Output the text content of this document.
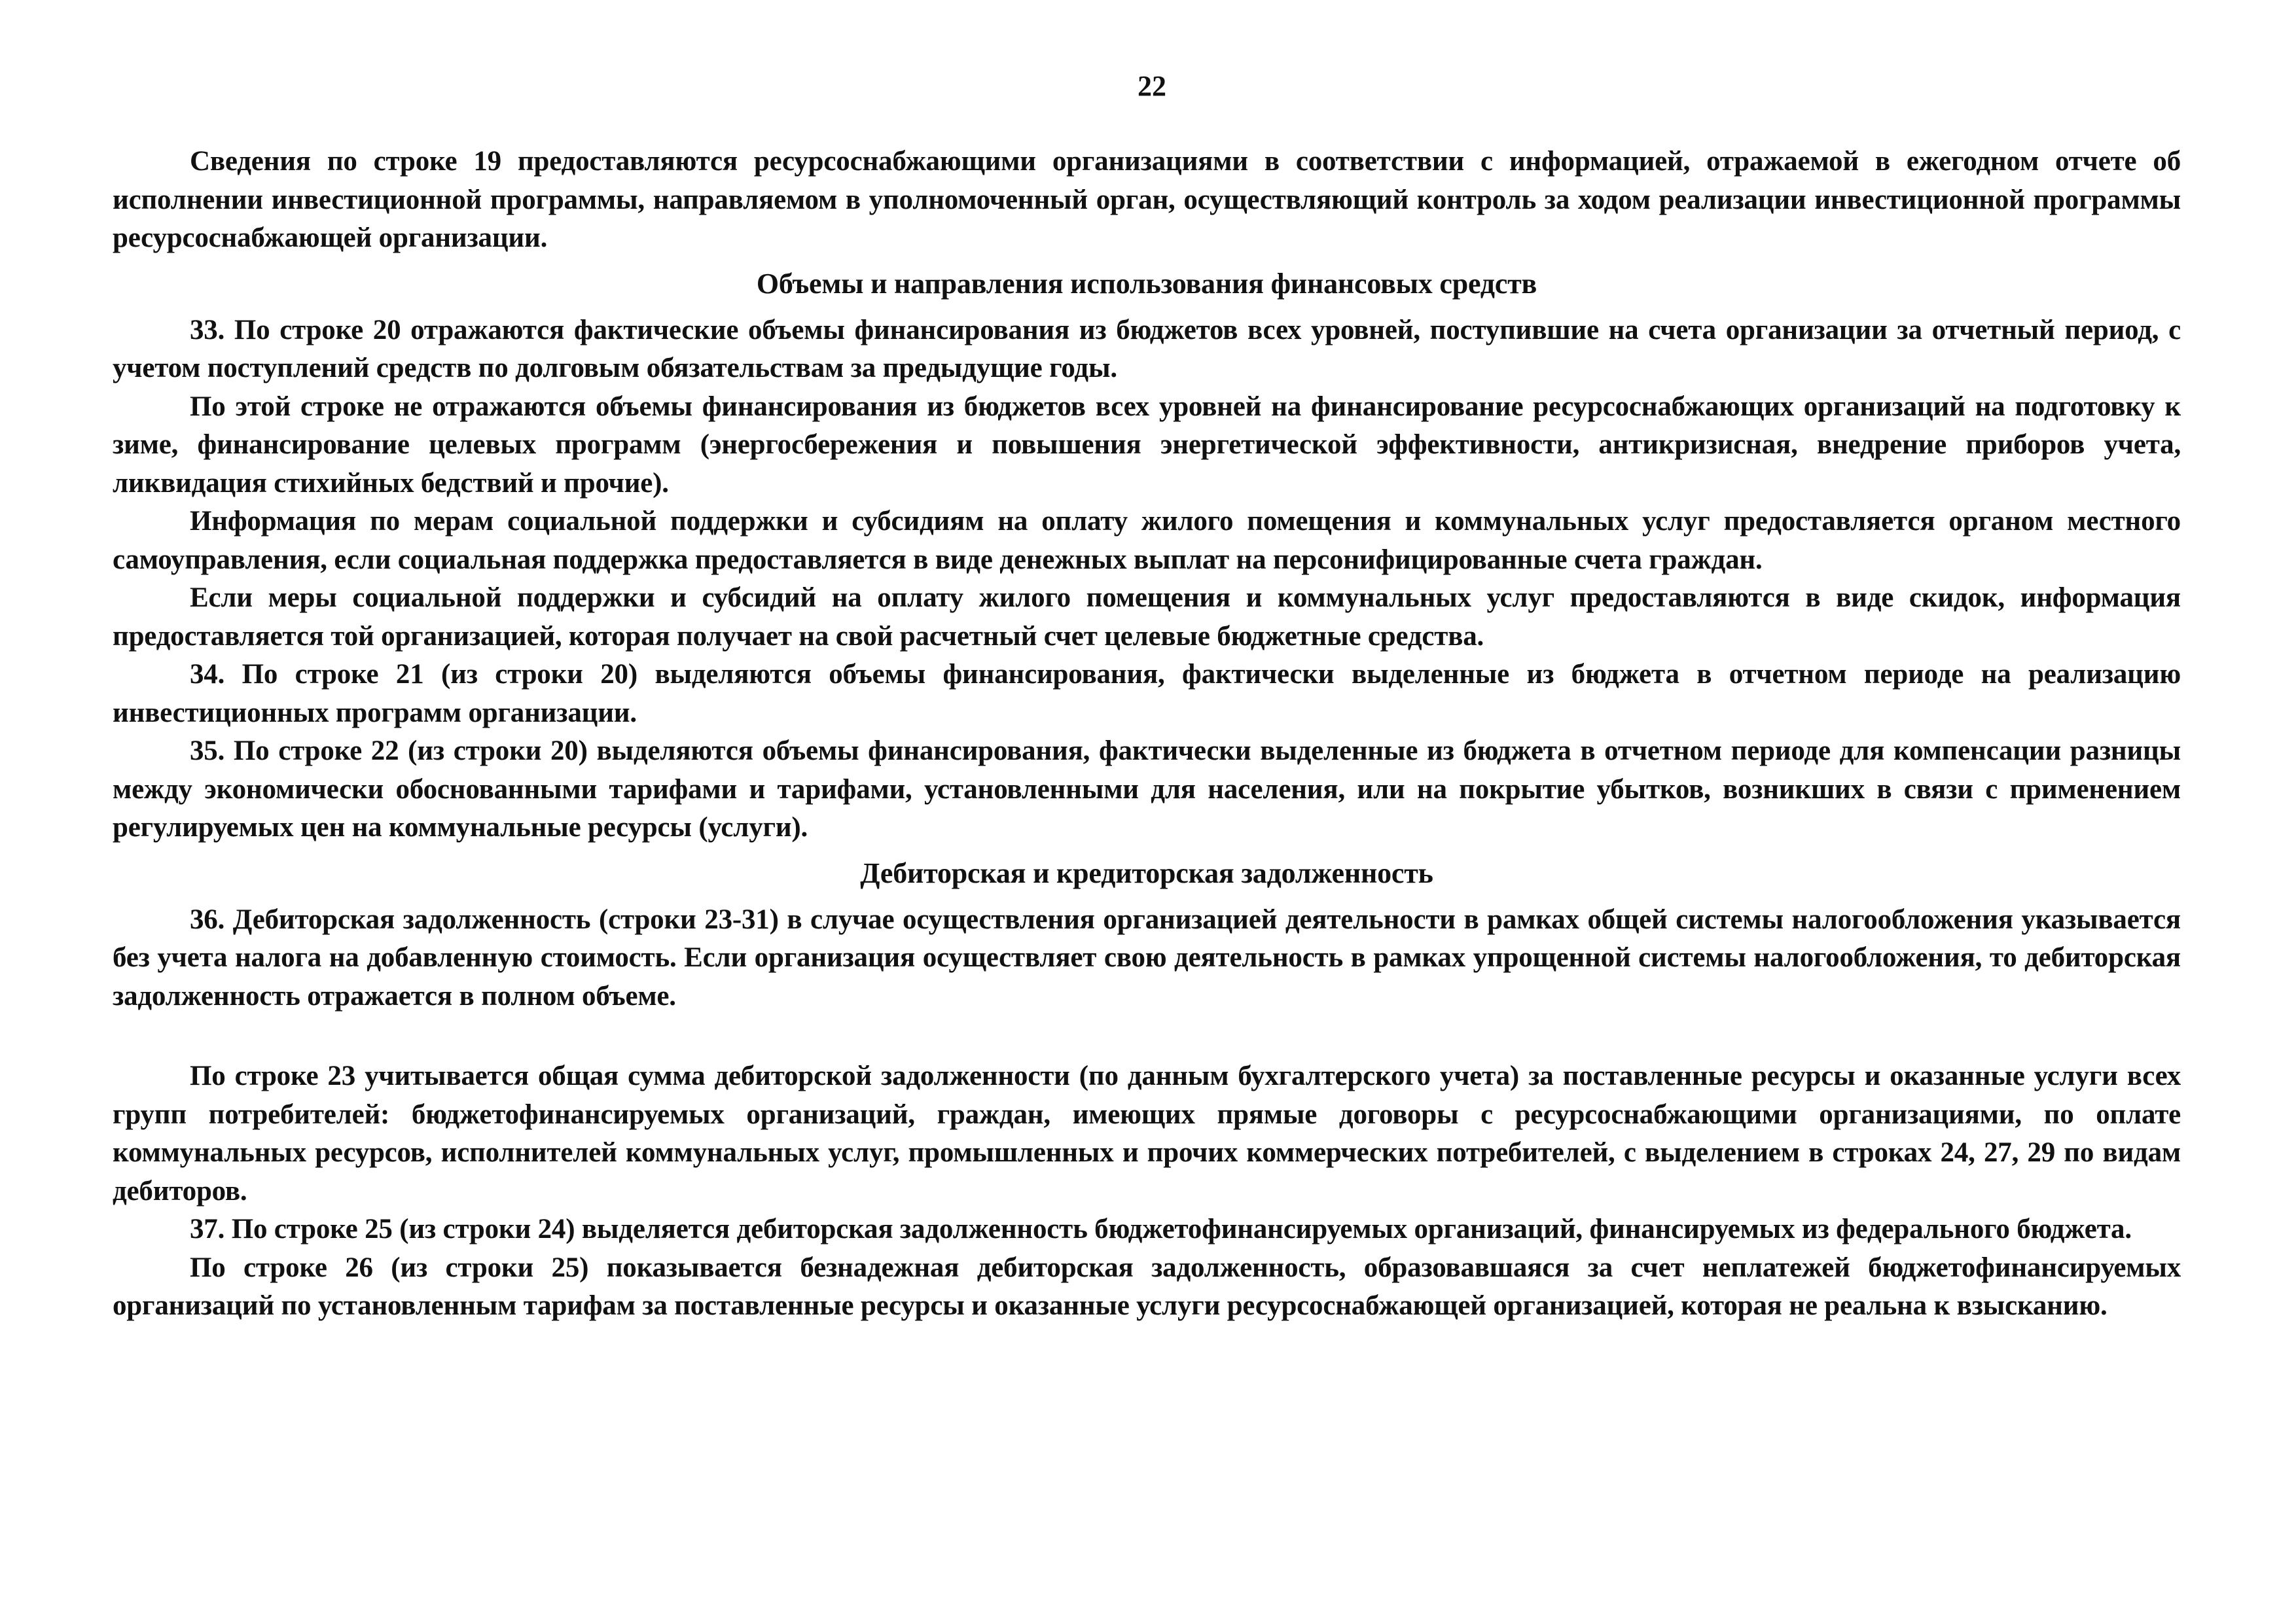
22

Сведения по строке 19 предоставляются ресурсоснабжающими организациями в соответствии с информацией, отражаемой в ежегодном отчете об исполнении инвестиционной программы, направляемом в уполномоченный орган, осуществляющий контроль за ходом реализации инвестиционной программы ресурсоснабжающей организации.

Объемы и направления использования финансовых средств

33. По строке 20 отражаются фактические объемы финансирования из бюджетов всех уровней, поступившие на счета организации за отчетный период, с учетом поступлений средств по долговым обязательствам за предыдущие годы.

По этой строке не отражаются объемы финансирования из бюджетов всех уровней на финансирование ресурсоснабжающих организаций на подготовку к зиме, финансирование целевых программ (энергосбережения и повышения энергетической эффективности, антикризисная, внедрение приборов учета, ликвидация стихийных бедствий и прочие).

Информация по мерам социальной поддержки и субсидиям на оплату жилого помещения и коммунальных услуг предоставляется органом местного самоуправления, если социальная поддержка предоставляется в виде денежных выплат на персонифицированные счета граждан.

Если меры социальной поддержки и субсидий на оплату жилого помещения и коммунальных услуг предоставляются в виде скидок, информация предоставляется той организацией, которая получает на свой расчетный счет целевые бюджетные средства.

34. По строке 21 (из строки 20) выделяются объемы финансирования, фактически выделенные из бюджета в отчетном периоде на реализацию инвестиционных программ организации.

35. По строке 22 (из строки 20) выделяются объемы финансирования, фактически выделенные из бюджета в отчетном периоде для компенсации разницы между экономически обоснованными тарифами и тарифами, установленными для населения, или на покрытие убытков, возникших в связи с применением регулируемых цен на коммунальные ресурсы (услуги).

Дебиторская и кредиторская задолженность

36. Дебиторская задолженность (строки 23-31) в случае осуществления организацией деятельности в рамках общей системы налогообложения указывается без учета налога на добавленную стоимость. Если организация осуществляет свою деятельность в рамках упрощенной системы налогообложения, то дебиторская задолженность отражается в полном объеме.

По строке 23 учитывается общая сумма дебиторской задолженности (по данным бухгалтерского учета) за поставленные ресурсы и оказанные услуги всех групп потребителей: бюджетофинансируемых организаций, граждан, имеющих прямые договоры с ресурсоснабжающими организациями, по оплате коммунальных ресурсов, исполнителей коммунальных услуг, промышленных и прочих коммерческих потребителей, с выделением в строках 24, 27, 29 по видам дебиторов.

37. По строке 25 (из строки 24) выделяется дебиторская задолженность бюджетофинансируемых организаций, финансируемых из федерального бюджета.

По строке 26 (из строки 25) показывается безнадежная дебиторская задолженность, образовавшаяся за счет неплатежей бюджетофинансируемых организаций по установленным тарифам за поставленные ресурсы и оказанные услуги ресурсоснабжающей организацией, которая не реальна к взысканию.
